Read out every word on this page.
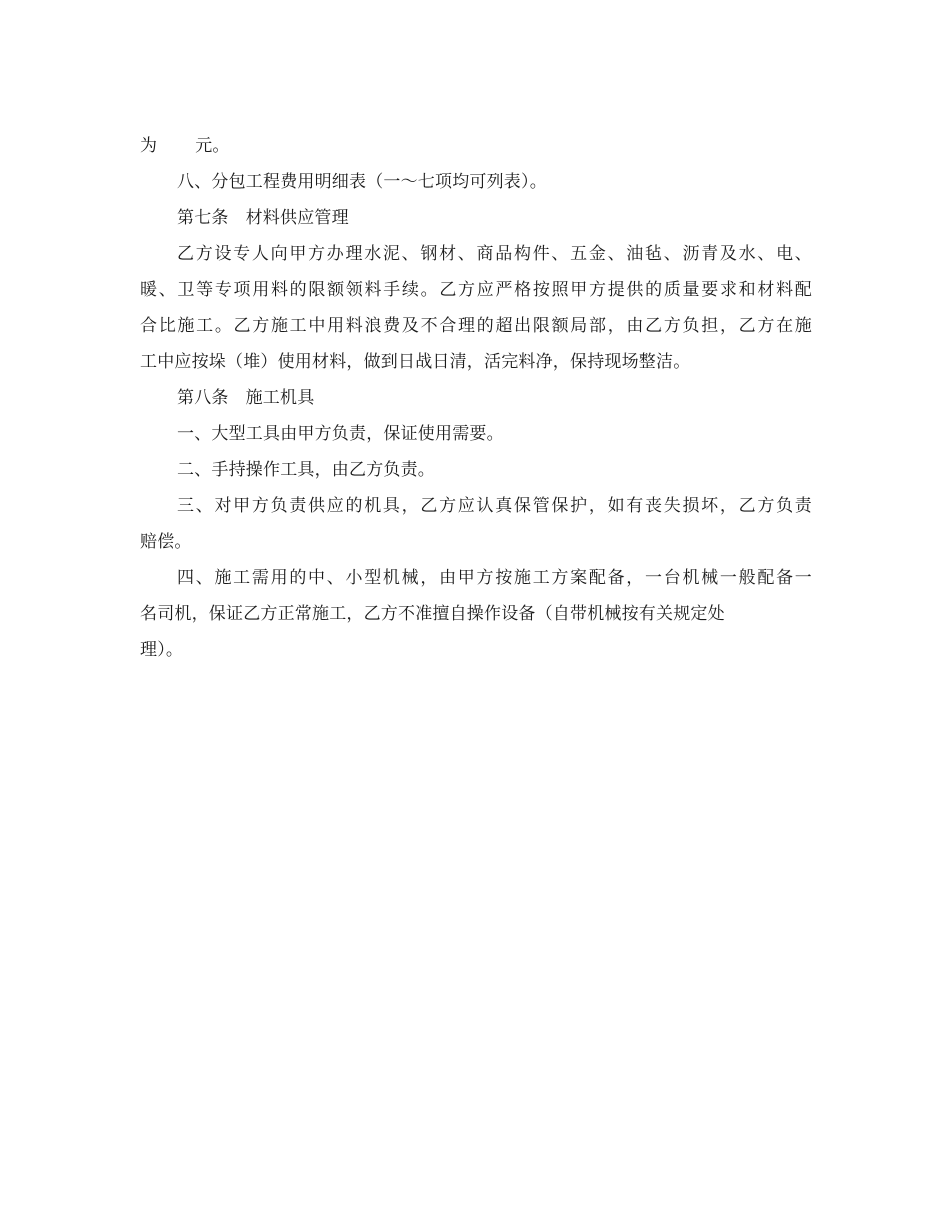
为 元。
八、分包工程费用明细表（一～七项均可列表）。
第七条 材料供应管理
乙方设专人向甲方办理水泥、钢材、商品构件、五金、油毡、沥青及水、电、
暖、卫等专项用料的限额领料手续。乙方应严格按照甲方提供的质量要求和材料配
合比施工。乙方施工中用料浪费及不合理的超出限额局部，由乙方负担，乙方在施
工中应按垛（堆）使用材料，做到日战日清，活完料净，保持现场整洁。
第八条 施工机具
一、大型工具由甲方负责，保证使用需要。
二、手持操作工具，由乙方负责。
三、对甲方负责供应的机具，乙方应认真保管保护，如有丧失损坏，乙方负责
赔偿。
四、施工需用的中、小型机械，由甲方按施工方案配备，一台机械一般配备一
名司机，保证乙方正常施工，乙方不准擅自操作设备（自带机械按有关规定处
理）。
